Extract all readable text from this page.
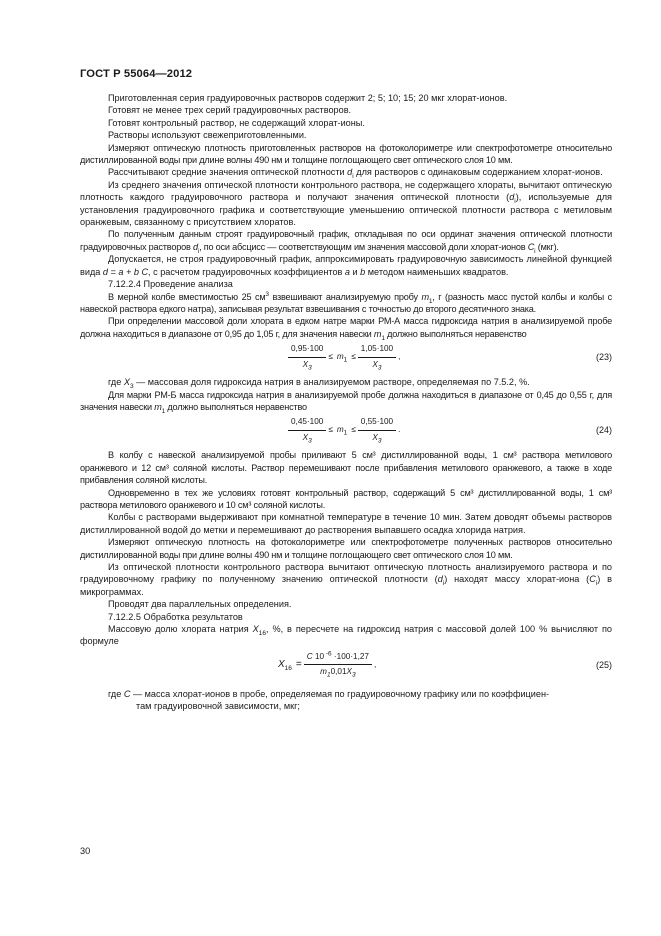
ГОСТ Р 55064—2012

Приготовленная серия градуировочных растворов содержит 2; 5; 10; 15; 20 мкг хлорат-ионов.

Готовят не менее трех серий градуировочных растворов.

Готовят контрольный раствор, не содержащий хлорат-ионы.

Растворы используют свежеприготовленными.

Измеряют оптическую плотность приготовленных растворов на фотоколориметре или спектрофотометре относительно дистиллированной воды при длине волны 490 нм и толщине поглощающего свет оптического слоя 10 мм.

Рассчитывают средние значения оптической плотности $d_i$ для растворов с одинаковым содержанием хлорат-ионов.

Из среднего значения оптической плотности контрольного раствора, не содержащего хлораты, вычитают оптическую плотность каждого градуировочного раствора и получают значения оптической плотности $(d_i)$, используемые для установления градуировочного графика и соответствующие уменьшению оптической плотности раствора с метиловым оранжевым, связанному с присутствием хлоратов.

По полученным данным строят градуировочный график, откладывая по оси ординат значения оптической плотности градуировочных растворов $d_i$, по оси абсцисс — соответствующим им значения массовой доли хлорат-ионов $C_i$ (мкг).

Допускается, не строя градуировочный график, аппроксимировать градуировочную зависимость линейной функцией вида d = a + b C, с расчетом градуировочных коэффициентов a и b методом наименьших квадратов.

7.12.2.4 Проведение анализа

В мерной колбе вместимостью 25 $см^3$ взвешивают анализируемую пробу $m_1$, г (разность масс пустой колбы и колбы с навеской раствора едкого натра), записывая результат взвешивания с точностью до второго десятичного знака.

При определении массовой доли хлората в едком натре марки РМ-А масса гидроксида натрия в анализируемой пробе должна находиться в диапазоне от 0,95 до 1,05 г, для значения навески $m_1$ должно выполняться неравенство

$\frac{0,95\cdot 100}{X_3} \le m_1 \le \frac{1,05\cdot 100}{X_3}$ ,	(23)

где $X_3$ — массовая доля гидроксида натрия в анализируемом растворе, определяемая по 7.5.2, %.

Для марки РМ-Б масса гидроксида натрия в анализируемой пробе должна находиться в диапазоне от 0,45 до 0,55 г, для значения навески $m_1$ должно выполняться неравенство

$\frac{0,45\cdot 100}{X_3} \le m_1 \le \frac{0,55\cdot 100}{X_3}$ .	(24)

В колбу с навеской анализируемой пробы приливают 5 см³ дистиллированной воды, 1 см³ раствора метилового оранжевого и 12 см³ соляной кислоты. Раствор перемешивают после прибавления метилового оранжевого, а также в ходе прибавления соляной кислоты.

Одновременно в тех же условиях готовят контрольный раствор, содержащий 5 см³ дистиллированной воды, 1 см³ раствора метилового оранжевого и 10 см³ соляной кислоты.

Колбы с растворами выдерживают при комнатной температуре в течение 10 мин. Затем доводят объемы растворов дистиллированной водой до метки и перемешивают до растворения выпавшего осадка хлорида натрия.

Измеряют оптическую плотность на фотоколориметре или спектрофотометре полученных растворов относительно дистиллированной воды при длине волны 490 нм и толщине поглощающего свет оптического слоя 10 мм.

Из оптической плотности контрольного раствора вычитают оптическую плотность анализируемого раствора и по градуировочному графику по полученному значению оптической плотности $(d_i)$ находят массу хлорат-иона $(C_i)$ в микрограммах.

Проводят два параллельных определения.

7.12.2.5 Обработка результатов

Массовую долю хлората натрия $X_{16}$, %, в пересчете на гидроксид натрия с массовой долей 100 % вычисляют по формуле

$X_{16} = \frac{C 10 ^{-6} \cdot 100\cdot 1,27}{m_10,01X_3}$ ,	(25)

где C — масса хлорат-ионов в пробе, определяемая по градуировочному графику или по коэффициен-

там градуировочной зависимости, мкг;

30
